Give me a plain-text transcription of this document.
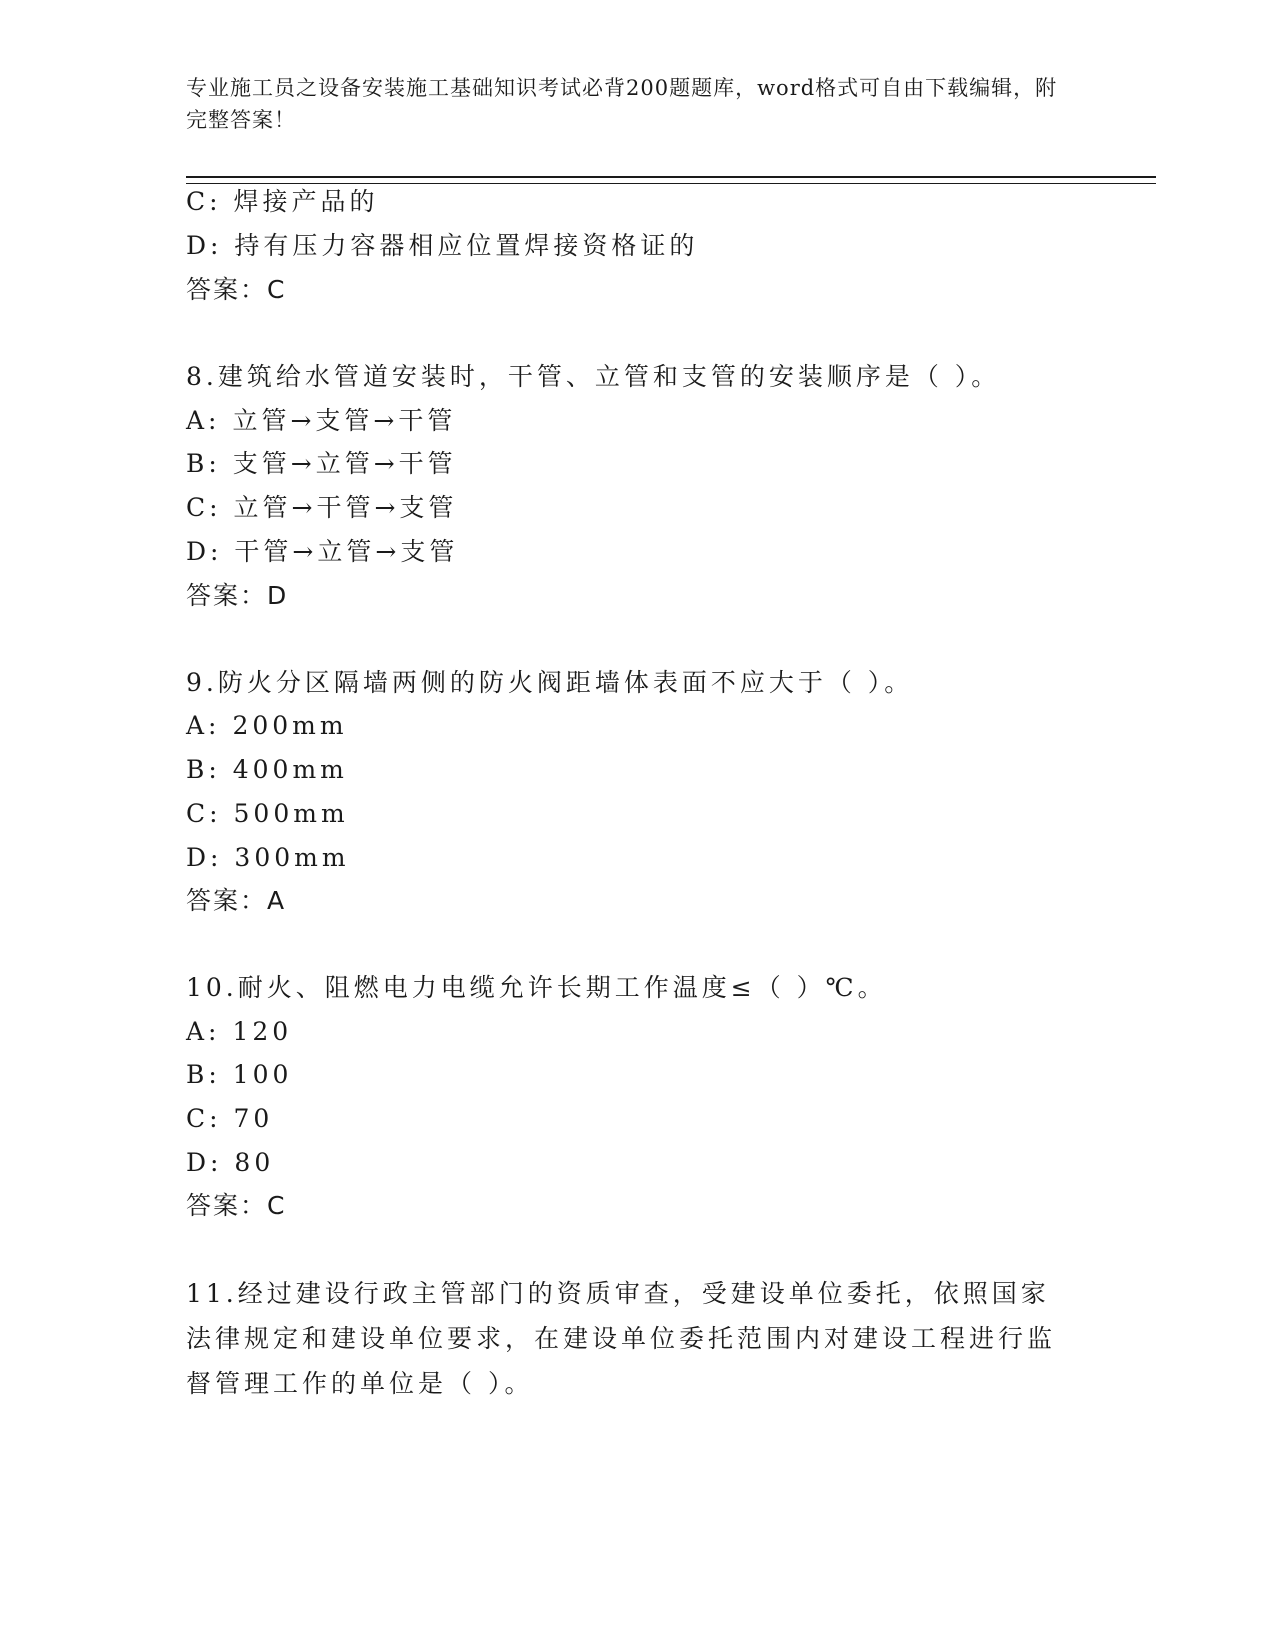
专业施工员之设备安装施工基础知识考试必背200题题库，word格式可自由下载编辑，附完整答案！
C: 焊接产品的
D: 持有压力容器相应位置焊接资格证的
答案：C
8.建筑给水管道安装时，干管、立管和支管的安装顺序是（ ）。
A: 立管→支管→干管
B: 支管→立管→干管
C: 立管→干管→支管
D: 干管→立管→支管
答案：D
9.防火分区隔墙两侧的防火阀距墙体表面不应大于（ ）。
A: 200mm
B: 400mm
C: 500mm
D: 300mm
答案：A
10.耐火、阻燃电力电缆允许长期工作温度≤（ ）℃。
A: 120
B: 100
C: 70
D: 80
答案：C
11.经过建设行政主管部门的资质审查，受建设单位委托，依照国家法律规定和建设单位要求，在建设单位委托范围内对建设工程进行监督管理工作的单位是（ ）。
